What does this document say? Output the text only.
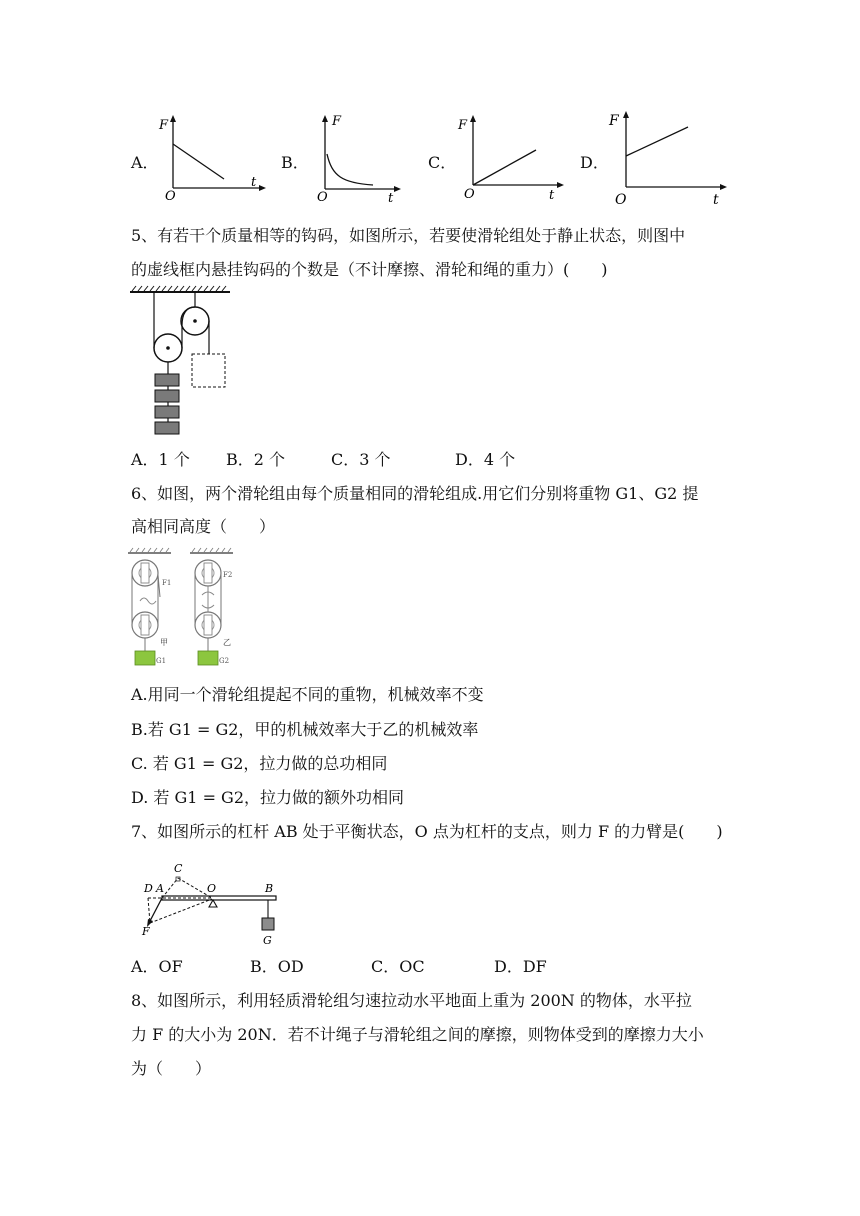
A．	B．	C．	D．
F
t
O
F
t
O
F
t
O
F
t
O
5、有若干个质量相等的钩码，如图所示，若要使滑轮组处于静止状态，则图中
的虚线框内悬挂钩码的个数是（不计摩擦、滑轮和绳的重力）(　　)
A．1 个 B．2 个	C．3 个	D．4 个
6、如图，两个滑轮组由每个质量相同的滑轮组成.用它们分别将重物 G1、G2 提
高相同高度（　　）
F1
甲
G1
F2
乙
G2
A.用同一个滑轮组提起不同的重物，机械效率不变
B.若 G1 = G2，甲的机械效率大于乙的机械效率
C. 若 G1 = G2，拉力做的总功相同
D. 若 G1 = G2，拉力做的额外功相同
7、如图所示的杠杆 AB 处于平衡状态，O 点为杠杆的支点，则力 F 的力臂是(　　)
C
D A	O	B
F
G
A．OF	B．OD	C．OC	D．DF
8、如图所示，利用轻质滑轮组匀速拉动水平地面上重为 200N 的物体，水平拉
力 F 的大小为 20N．若不计绳子与滑轮组之间的摩擦，则物体受到的摩擦力大小
为（　　）
